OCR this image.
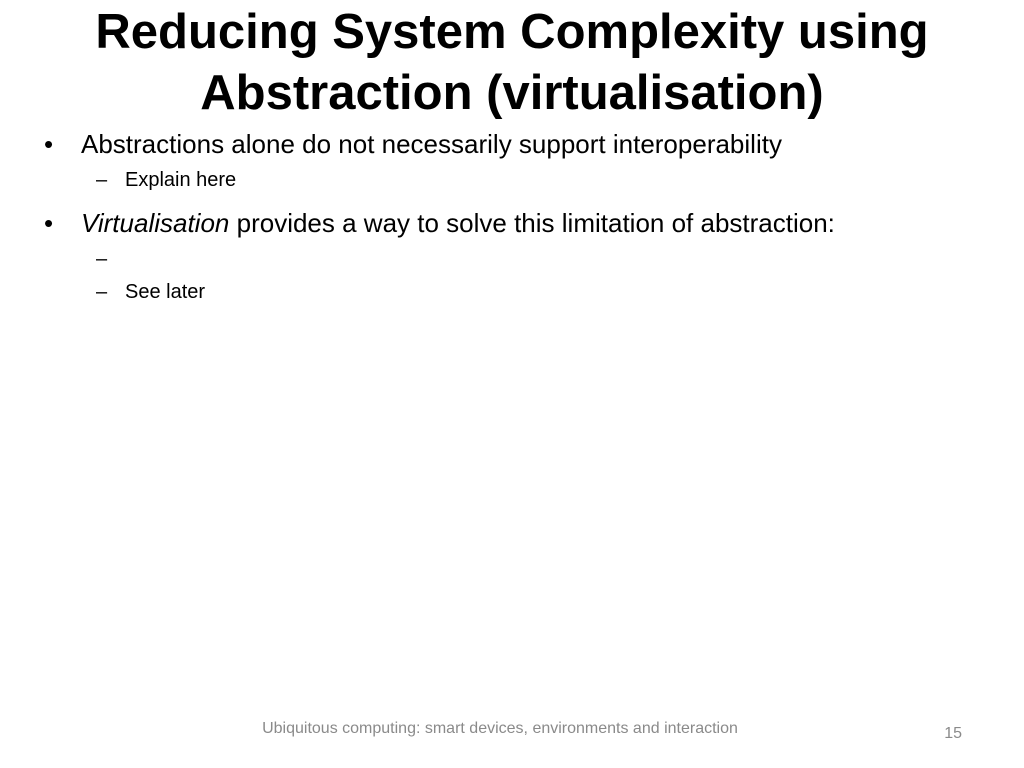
Reducing System Complexity using
Abstraction (virtualisation)
• Abstractions alone do not necessarily support interoperability
– Explain here
• Virtualisation provides a way to solve this limitation of abstraction:
–
– See later
Ubiquitous computing: smart devices, environments and interaction	15
